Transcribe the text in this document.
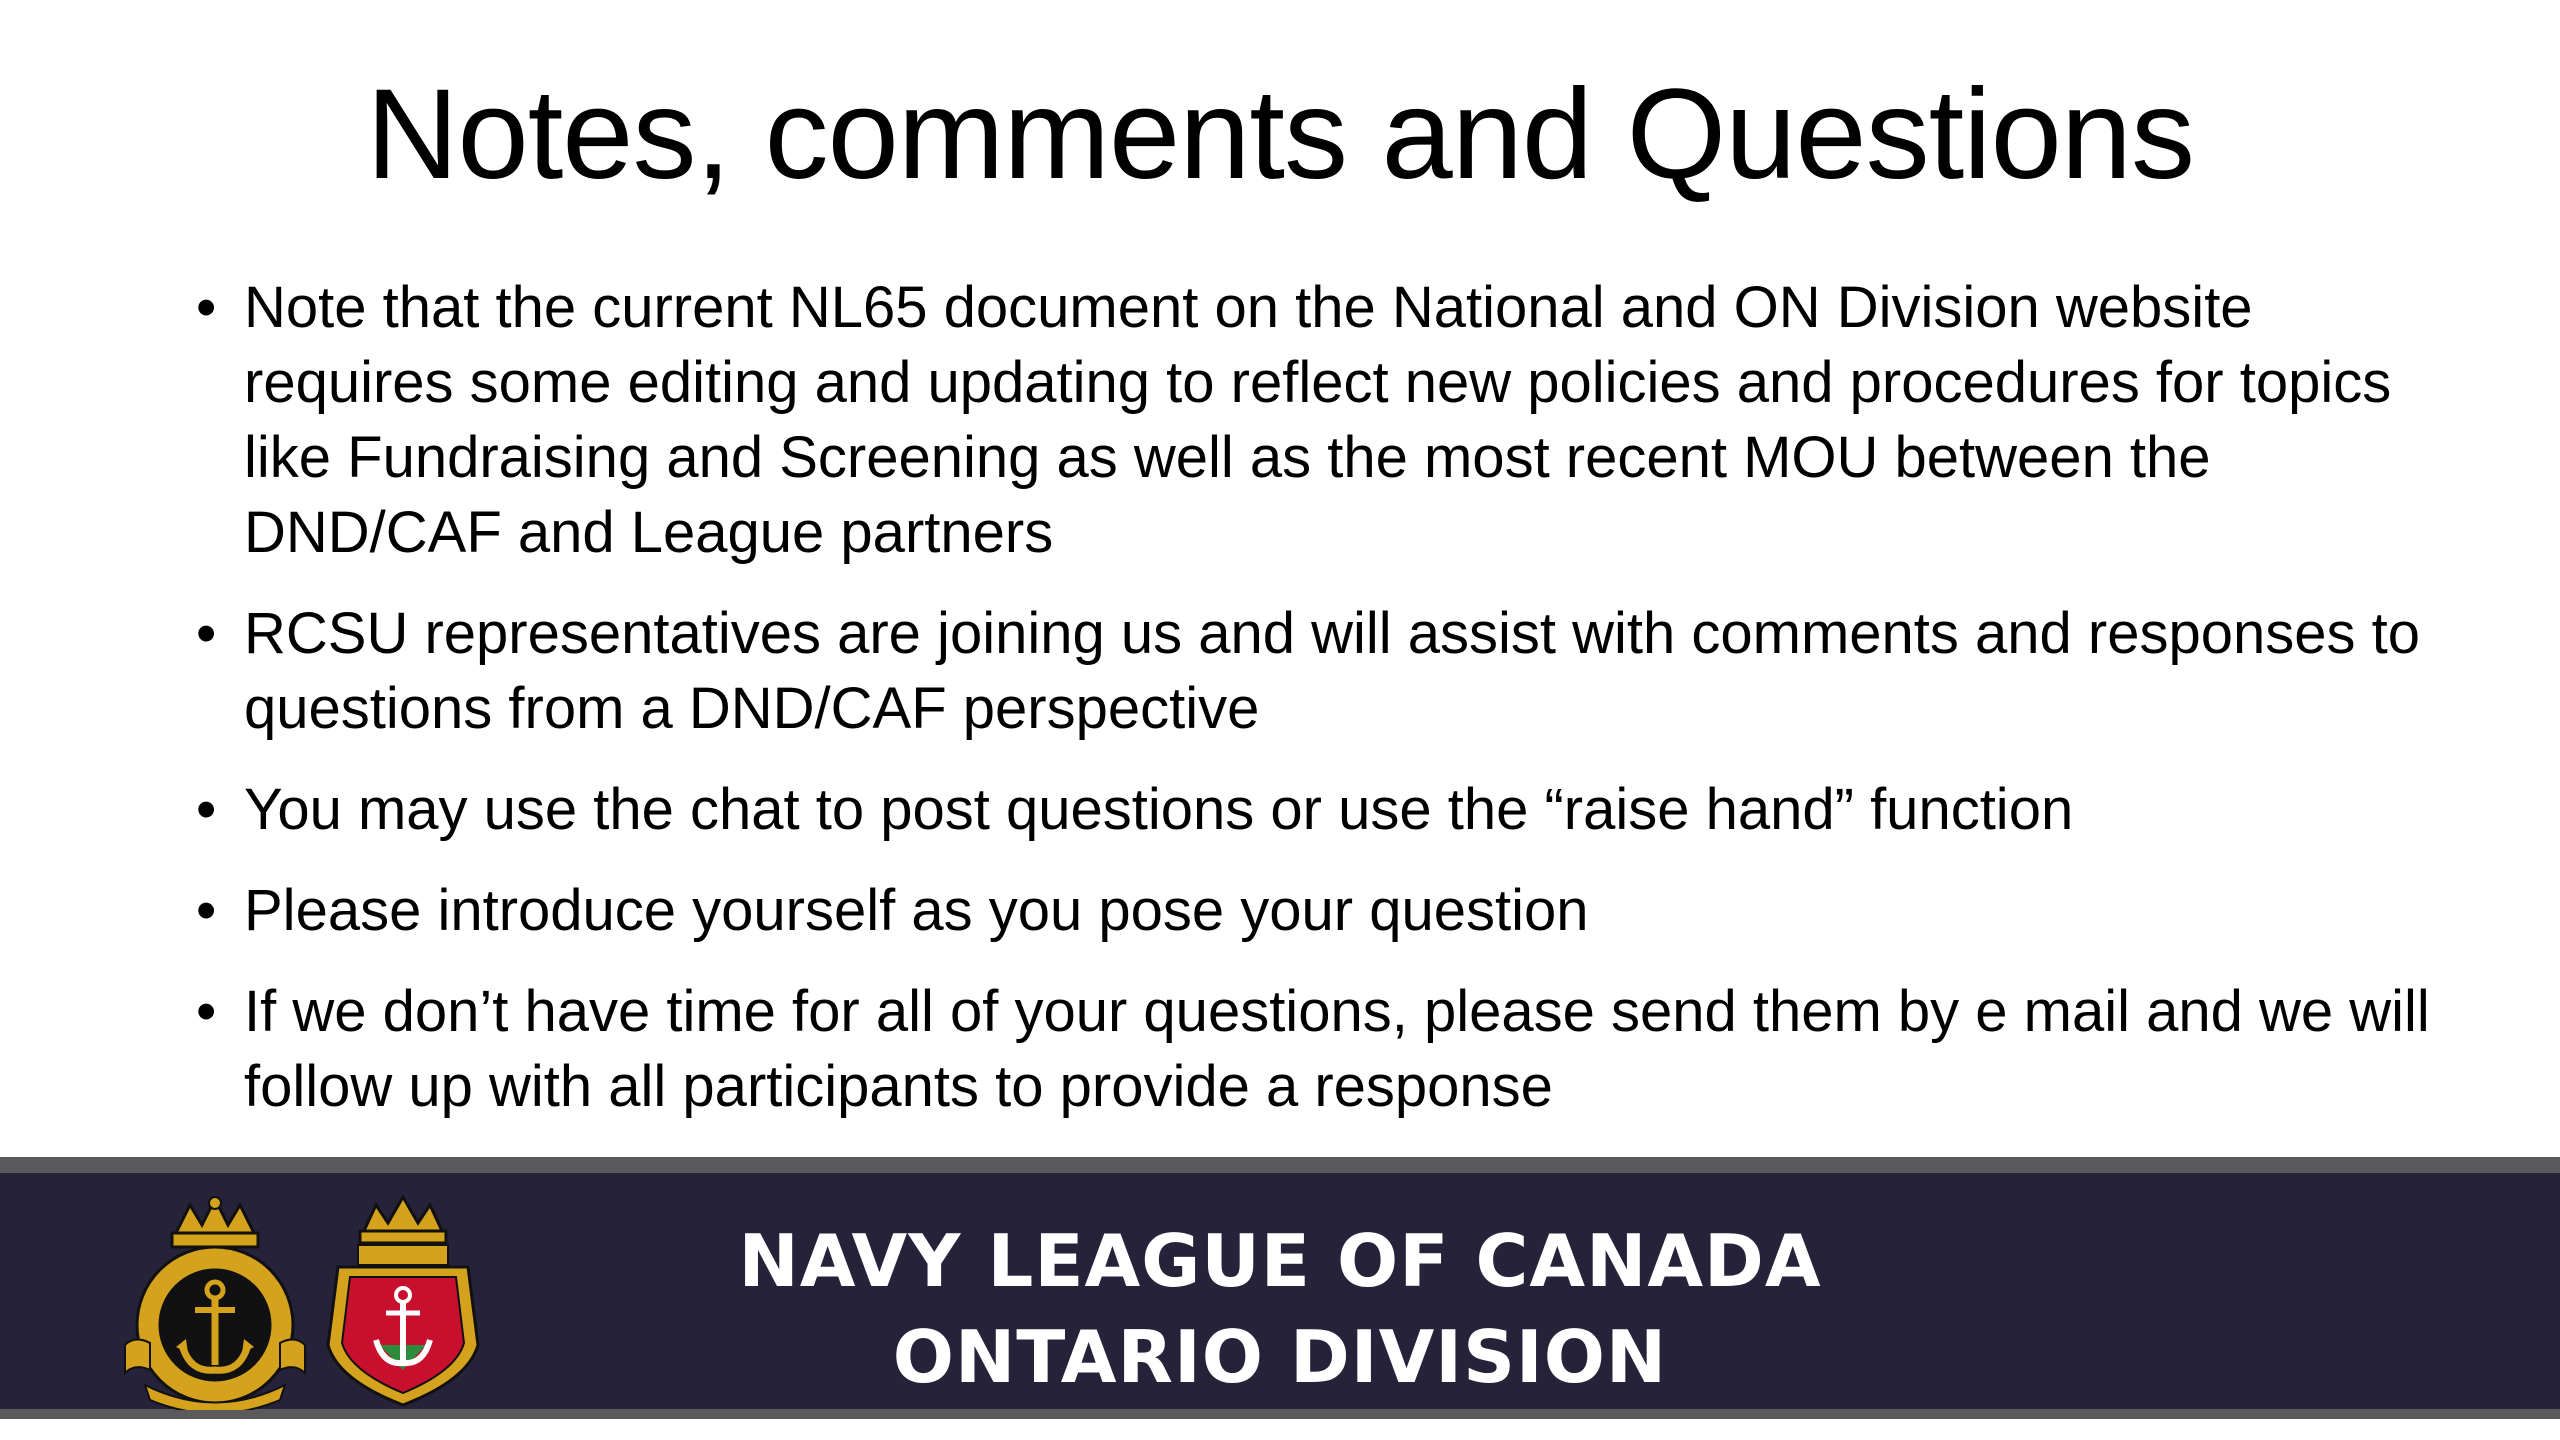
Notes, comments and Questions
• Note that the current NL65 document on the National and ON Division website requires some editing and updating to reflect new policies and procedures for topics like Fundraising and Screening as well as the most recent MOU between the DND/CAF and League partners
• RCSU representatives are joining us and will assist with comments and responses to questions from a DND/CAF perspective
• You may use the chat to post questions or use the “raise hand” function
• Please introduce yourself as you pose your question
• If we don’t have time for all of your questions, please send them by e mail and we will follow up with all participants to provide a response
NAVY LEAGUE OF CANADA
ONTARIO DIVISION
